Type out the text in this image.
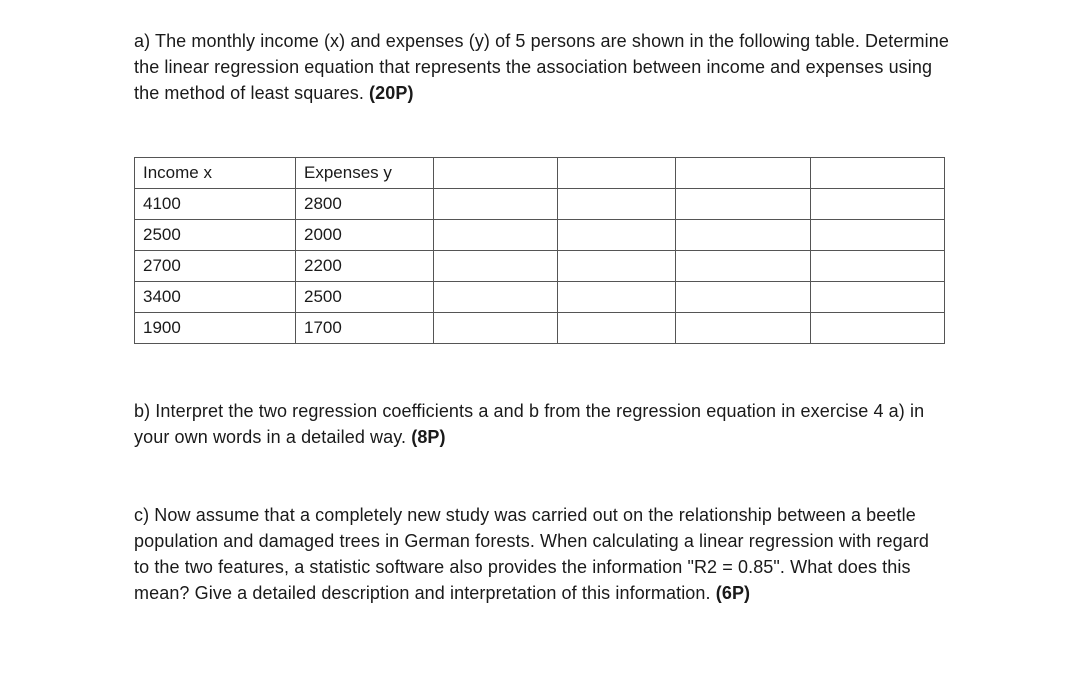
a) The monthly income (x) and expenses (y) of 5 persons are shown in the following table. Determine the linear regression equation that represents the association between income and expenses using the method of least squares. (20P)
Income x	Expenses y				
4100	2800				
2500	2000				
2700	2200				
3400	2500				
1900	1700				
b) Interpret the two regression coefficients a and b from the regression equation in exercise 4 a) in your own words in a detailed way. (8P)
c) Now assume that a completely new study was carried out on the relationship between a beetle population and damaged trees in German forests. When calculating a linear regression with regard to the two features, a statistic software also provides the information "R2 = 0.85". What does this mean? Give a detailed description and interpretation of this information. (6P)
